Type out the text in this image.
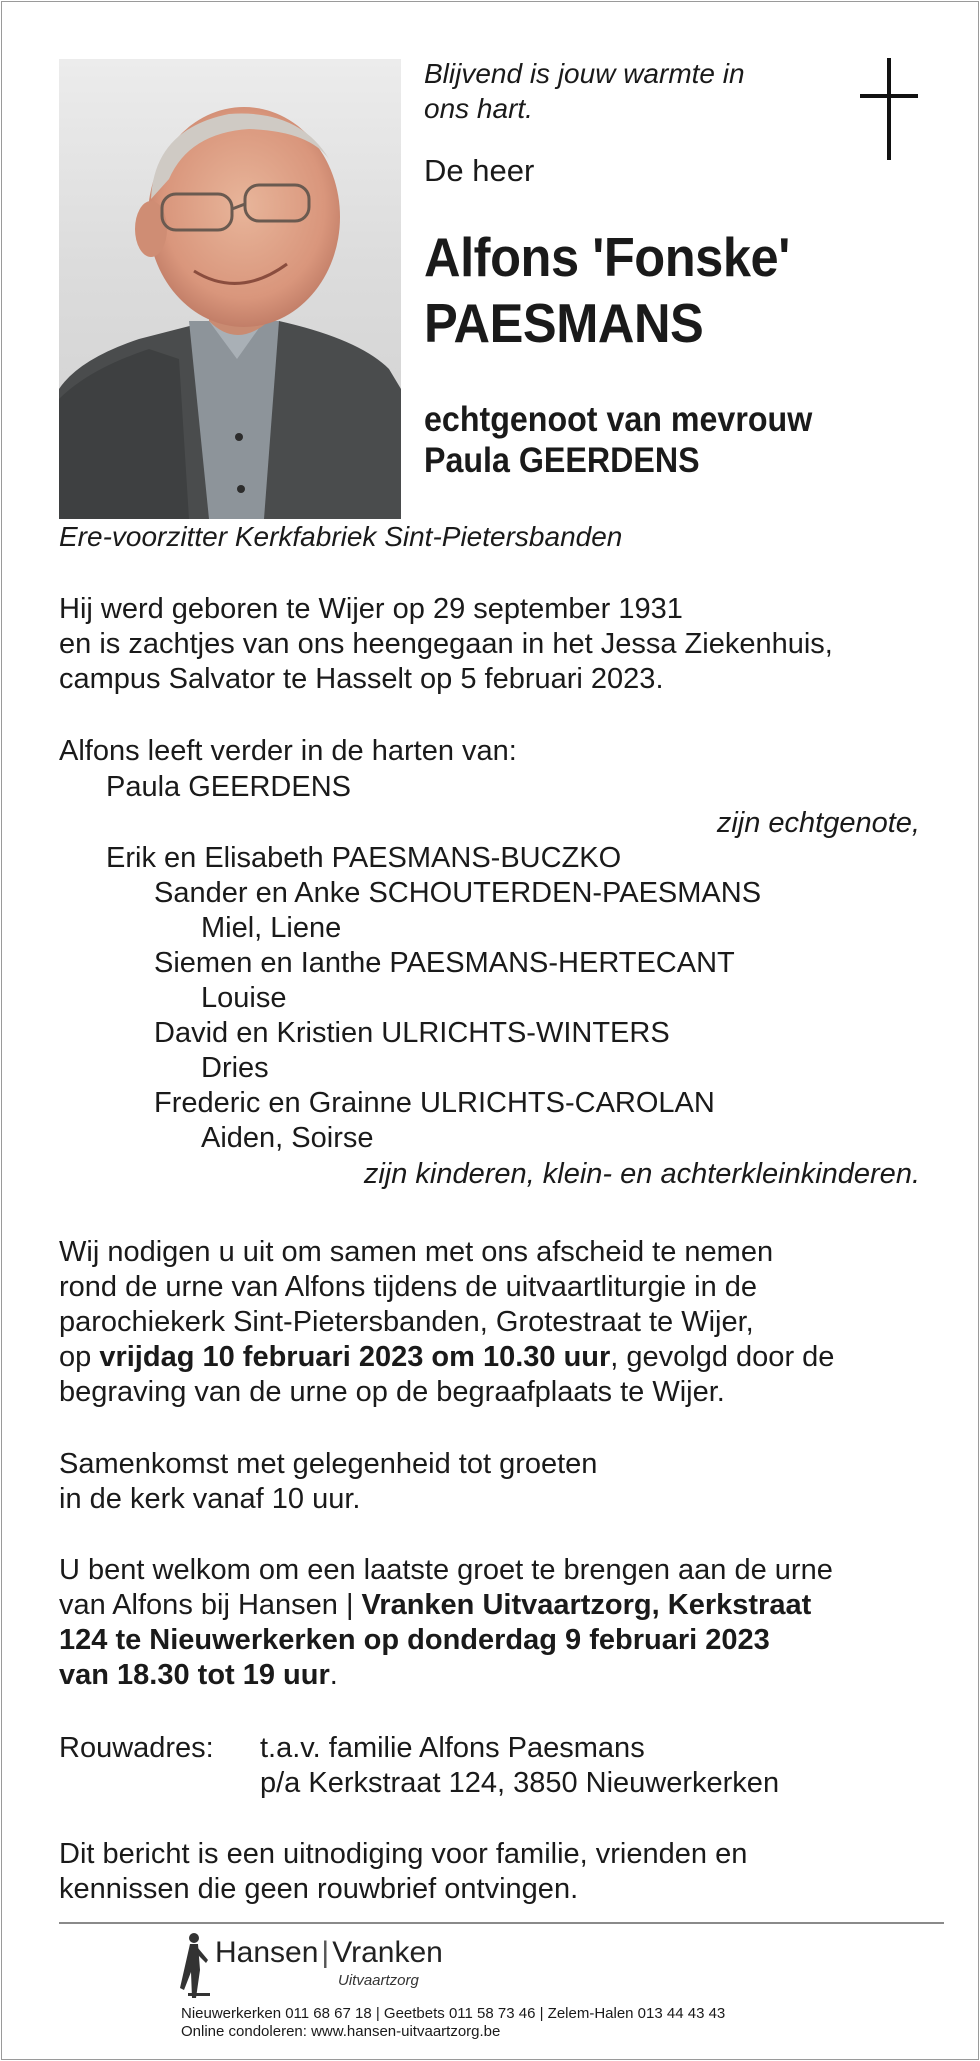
Blijvend is jouw warmte in
ons hart.
De heer
Alfons 'Fonske'
PAESMANS
echtgenoot van mevrouw
Paula GEERDENS
Ere-voorzitter Kerkfabriek Sint-Pietersbanden
Hij werd geboren te Wijer op 29 september 1931
en is zachtjes van ons heengegaan in het Jessa Ziekenhuis,
campus Salvator te Hasselt op 5 februari 2023.
Alfons leeft verder in de harten van:
Paula GEERDENS
zijn echtgenote,
Erik en Elisabeth PAESMANS-BUCZKO
Sander en Anke SCHOUTERDEN-PAESMANS
Miel, Liene
Siemen en Ianthe PAESMANS-HERTECANT
Louise
David en Kristien ULRICHTS-WINTERS
Dries
Frederic en Grainne ULRICHTS-CAROLAN
Aiden, Soirse
zijn kinderen, klein- en achterkleinkinderen.
Wij nodigen u uit om samen met ons afscheid te nemen
rond de urne van Alfons tijdens de uitvaartliturgie in de
parochiekerk Sint-Pietersbanden, Grotestraat te Wijer,
op vrijdag 10 februari 2023 om 10.30 uur, gevolgd door de
begraving van de urne op de begraafplaats te Wijer.
Samenkomst met gelegenheid tot groeten
in de kerk vanaf 10 uur.
U bent welkom om een laatste groet te brengen aan de urne
van Alfons bij Hansen | Vranken Uitvaartzorg, Kerkstraat
124 te Nieuwerkerken op donderdag 9 februari 2023
van 18.30 tot 19 uur.
Rouwadres: t.a.v. familie Alfons Paesmans
p/a Kerkstraat 124, 3850 Nieuwerkerken
Dit bericht is een uitnodiging voor familie, vrienden en
kennissen die geen rouwbrief ontvingen.
Hansen | Vranken
Uitvaartzorg
Nieuwerkerken 011 68 67 18 | Geetbets 011 58 73 46 | Zelem-Halen 013 44 43 43
Online condoleren: www.hansen-uitvaartzorg.be
